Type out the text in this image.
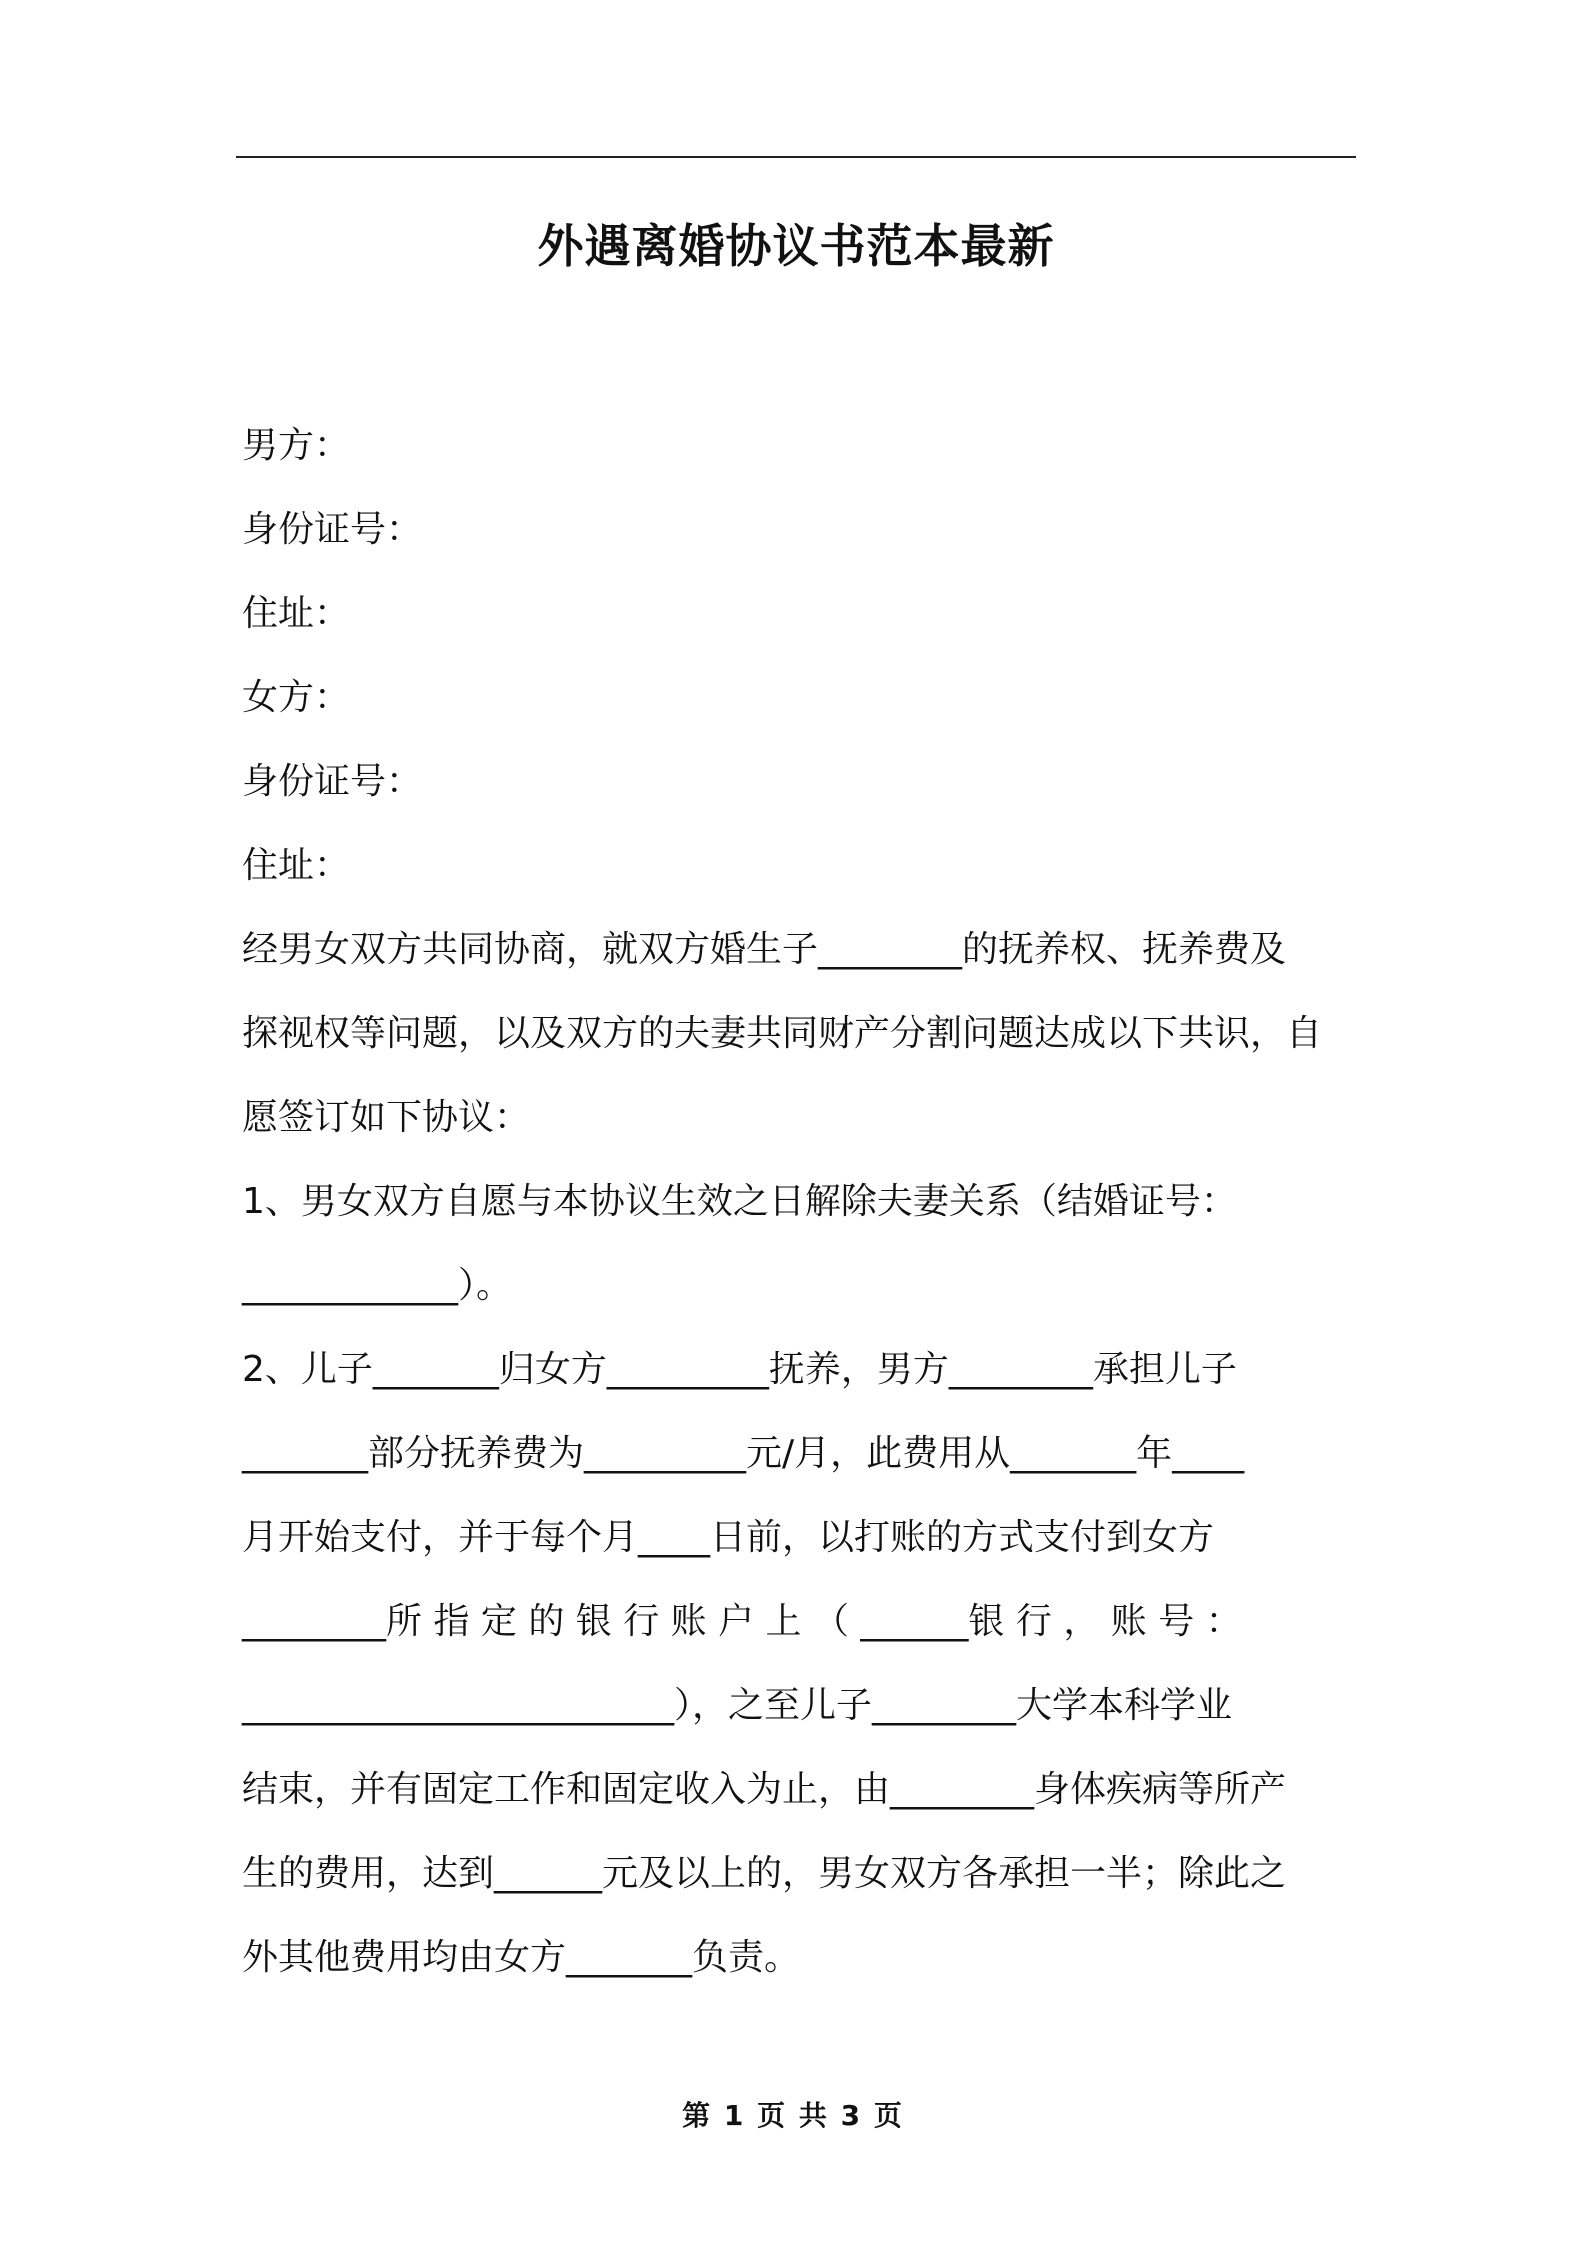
外遇离婚协议书范本最新
男方：
身份证号：
住址：
女方：
身份证号：
住址：
经男女双方共同协商，就双方婚生子________的抚养权、抚养费及
探视权等问题，以及双方的夫妻共同财产分割问题达成以下共识，自
愿签订如下协议：
1、男女双方自愿与本协议生效之日解除夫妻关系（结婚证号：
____________）。
2、儿子_______归女方_________抚养，男方________承担儿子
_______部分抚养费为_________元/月，此费用从_______年____
月开始支付，并于每个月____日前，以打账的方式支付到女方
________所 指 定 的 银 行 账 户 上 （ ______银 行 ， 账 号 ：
________________________），之至儿子________大学本科学业
结束，并有固定工作和固定收入为止，由________身体疾病等所产
生的费用，达到______元及以上的，男女双方各承担一半；除此之
外其他费用均由女方_______负责。
第 1 页 共 3 页
